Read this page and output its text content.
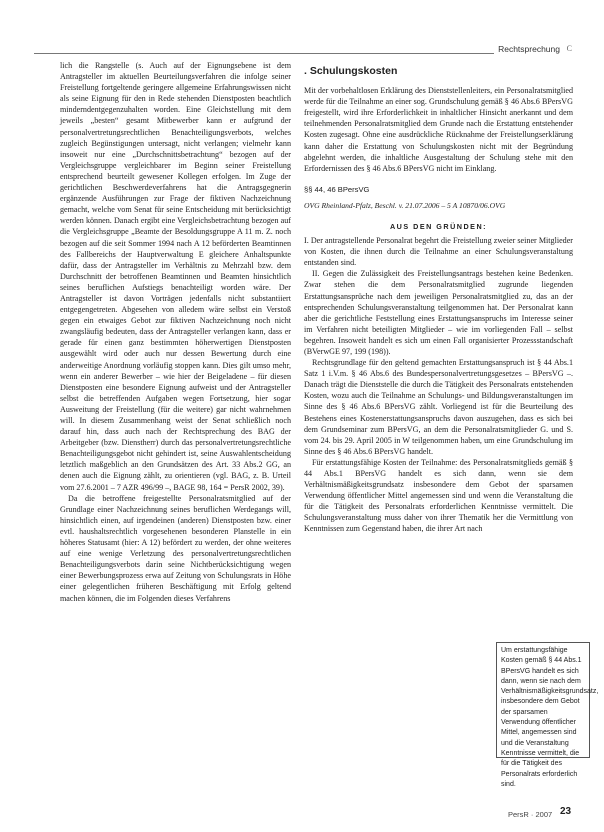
Rechtsprechung C

lich die Rangstelle (s. Auch auf der Eignungsebene ist dem Antragsteller im aktuellen Beurteilungsverfahren die infolge seiner Freistellung fortgeltende geringere allgemeine Erfahrungswissen nicht als seine Eignung für den in Rede stehenden Dienstposten beachtlich minderndentgegenzuhalten worden. Eine Gleichstellung mit dem jeweils „besten“ gesamt Mitbewerber kann er aufgrund der personalvertretungsrechtlichen Benachteiligungsverbots, welches zugleich Begünstigungen untersagt, nicht verlangen; vielmehr kann insoweit nur eine „Durchschnittsbetrachtung“ bezogen auf der Vergleichsgruppe vergleichbarer im Beginn seiner Freistellung entsprechend beurteilt gewesener Kollegen erfolgen. Im Zuge der gerichtlichen Beschwerdeverfahrens hat die Antragsgegnerin ergänzende Ausführungen zur Frage der fiktiven Nachzeichnung gemacht, welche vom Senat für seine Entscheidung mit berücksichtigt werden können. Danach ergibt eine Vergleichsbetrachtung bezogen auf die Vergleichsgruppe „Beamte der Besoldungsgruppe A 11 m. Z. noch bezogen auf die seit Sommer 1994 nach A 12 beförderten Beamtinnen des Fallbereichs der Hauptverwaltung E gleichere Anhaltspunkte dafür, dass der Antragsteller im Verhältnis zu Mehrzahl bzw. dem Durchschnitt der betroffenen Beamtinnen und Beamten hinsichtlich seines beruflichen Aufstiegs benachteiligt worden wäre. Der Antragsteller ist davon Vorträgen jedenfalls nicht substantiiert entgegengetreten. Abgesehen von alledem wäre selbst ein Verstoß gegen ein etwaiges Gebot zur fiktiven Nachzeichnung noch nicht zwangsläufig bedeuten, dass der Antragsteller verlangen kann, dass er gerade für einen ganz bestimmten höherwertigen Dienstposten ausgewählt wird oder auch nur dessen Bewertung durch eine anderweitige Anordnung vorläufig stoppen kann. Dies gilt umso mehr, wenn ein anderer Bewerber – wie hier der Beigeladene – für diesen Dienstposten eine besondere Eignung aufweist und der Antragsteller selbst die betreffenden Aufgaben wegen Fortsetzung, hier sogar Ausweitung der Freistellung (für die weitere) gar nicht wahrnehmen will. In diesem Zusammenhang weist der Senat schließlich noch darauf hin, dass auch nach der Rechtsprechung des BAG der Arbeitgeber (bzw. Dienstherr) durch das personalvertretungsrechtliche Benachteiligungsgebot nicht gehindert ist, seine Auswahlentscheidung letztlich maßgeblich an den Grundsätzen des Art. 33 Abs.2 GG, an denen auch die Eignung zählt, zu orientieren (vgl. BAG, z. B. Urteil vom 27.6.2001 – 7 AZR 496/99 –, BAGE 98, 164 = PersR 2002, 39).

Da die betroffene freigestellte Personalratsmitglied auf der Grundlage einer Nachzeichnung seines beruflichen Werdegangs will, hinsichtlich einen, auf irgendeinen (anderen) Dienstposten bzw. einer evtl. haushaltsrechtlich vorgesehenen besonderen Planstelle in ein höheres Statusamt (hier: A 12) befördert zu werden, der ohne weiteres auf eine wenige Verletzung des personalvertretungsrechtlichen Benachteiligungsverbots darin seine Nichtberücksichtigung wegen einer Bewerbungsprozess erwa auf Zeitung von Schulungsrats in Höhe einer gelegentlichen früheren Beschäftigung mit Erfolg geltend machen können, die im Folgenden dieses Verfahrens

. Schulungskosten

Mit der vorbehaltlosen Erklärung des Dienststellenleiters, ein Personalratsmitglied werde für die Teilnahme an einer sog. Grundschulung gemäß § 46 Abs.6 BPersVG freigestellt, wird ihre Erforderlichkeit in inhaltlicher Hinsicht anerkannt und dem teilnehmenden Personalratsmitglied dem Grunde nach die Erstattung entstehender Kosten zugesagt. Ohne eine ausdrückliche Rücknahme der Freistellungserklärung kann daher die Erstattung von Schulungskosten nicht mit der Begründung abgelehnt werden, die inhaltliche Ausgestaltung der Schulung stehe mit den Erfordernissen des § 46 Abs.6 BPersVG nicht im Einklang.

§§ 44, 46 BPersVG

OVG Rheinland-Pfalz, Beschl. v. 21.07.2006 – 5 A 10870/06.OVG

AUS DEN GRÜNDEN:

I. Der antragstellende Personalrat begehrt die Freistellung zweier seiner Mitglieder von Kosten, die ihnen durch die Teilnahme an einer Schulungsveranstaltung entstanden sind.

II. Gegen die Zulässigkeit des Freistellungsantrags bestehen keine Bedenken. Zwar stehen die dem Personalratsmitglied zugrunde liegenden Erstattungsansprüche nach dem jeweiligen Personalratsmitglied zu, das an der entsprechenden Schulungsveranstaltung teilgenommen hat. Der Personalrat kann aber die gerichtliche Feststellung eines Erstattungsanspruchs im Interesse seiner im Verfahren nicht beteiligten Mitglieder – wie im vorliegenden Fall – selbst begehren. Insoweit handelt es sich um einen Fall organisierter Prozessstandschaft (BVerwGE 97, 199 (198)).

Rechtsgrundlage für den geltend gemachten Erstattungsanspruch ist § 44 Abs.1 Satz 1 i.V.m. § 46 Abs.6 des Bundespersonalvertretungsgesetzes – BPersVG –. Danach trägt die Dienststelle die durch die Tätigkeit des Personalrats entstehenden Kosten, wozu auch die Teilnahme an Schulungs- und Bildungsveranstaltungen im Sinne des § 46 Abs.6 BPersVG zählt. Vorliegend ist für die Beurteilung des Bestehens eines Kostenerstattungsanspruchs davon auszugehen, dass es sich bei dem Grundseminar zum BPersVG, an dem die Personalratsmitglieder G. und S. vom 24. bis 29. April 2005 in W teilgenommen haben, um eine Grundschulung im Sinne des § 46 Abs.6 BPersVG handelt.

Für erstattungsfähige Kosten der Teilnahme: des Personalratsmitglieds gemäß § 44 Abs.1 BPersVG handelt es sich dann, wenn sie dem Verhältnismäßigkeitsgrundsatz insbesondere dem Gebot der sparsamen Verwendung öffentlicher Mittel angemessen sind und wenn die Veranstaltung die für die Tätigkeit des Personalrats erforderlichen Kenntnisse vermittelt. Die Schulungsveranstaltung muss daher von ihrer Thematik her die Vermittlung von Kenntnissen zum Gegenstand haben, die ihrer Art nach

Um erstattungsfähige Kosten gemäß § 44 Abs.1 BPersVG handelt es sich dann, wenn sie nach dem Verhältnismäßigkeitsgrundsatz, insbesondere dem Gebot der sparsamen Verwendung öffentlicher Mittel, angemessen sind und die Veranstaltung Kenntnisse vermittelt, die für die Tätigkeit des Personalrats erforderlich sind.

PersR · 2007 23
